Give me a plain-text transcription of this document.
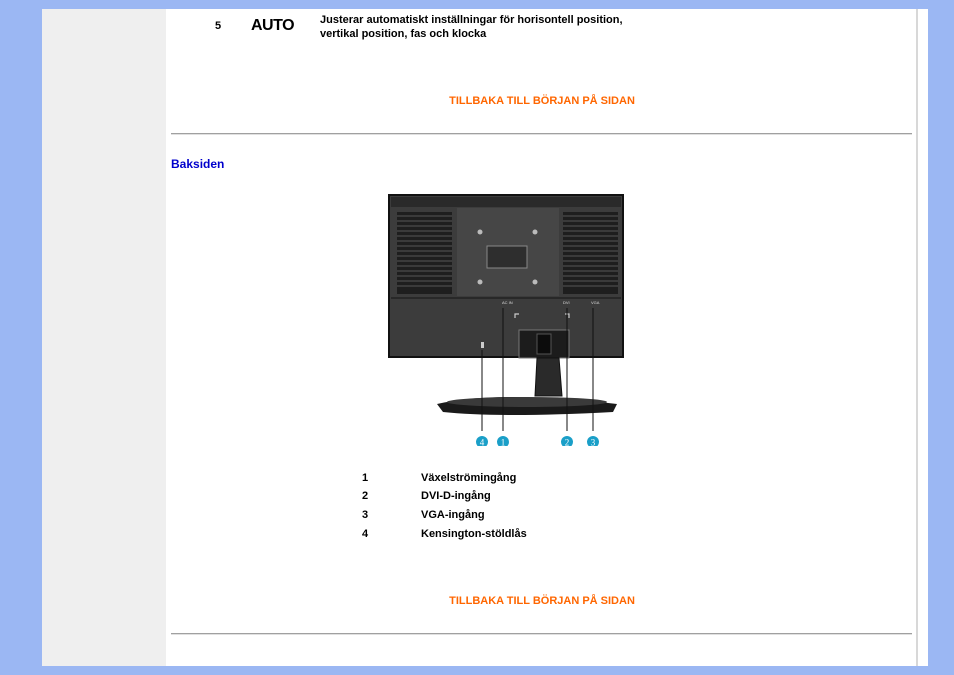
5 AUTO Justerar automatiskt inställningar för horisontell position, vertikal position, fas och klocka
TILLBAKA TILL BÖRJAN PÅ SIDAN
Baksiden
AC IN	DVI	VGA
4 1	2 3
1	Växelströmingång
2	DVI-D-ingång
3	VGA-ingång
4	Kensington-stöldlås
TILLBAKA TILL BÖRJAN PÅ SIDAN
